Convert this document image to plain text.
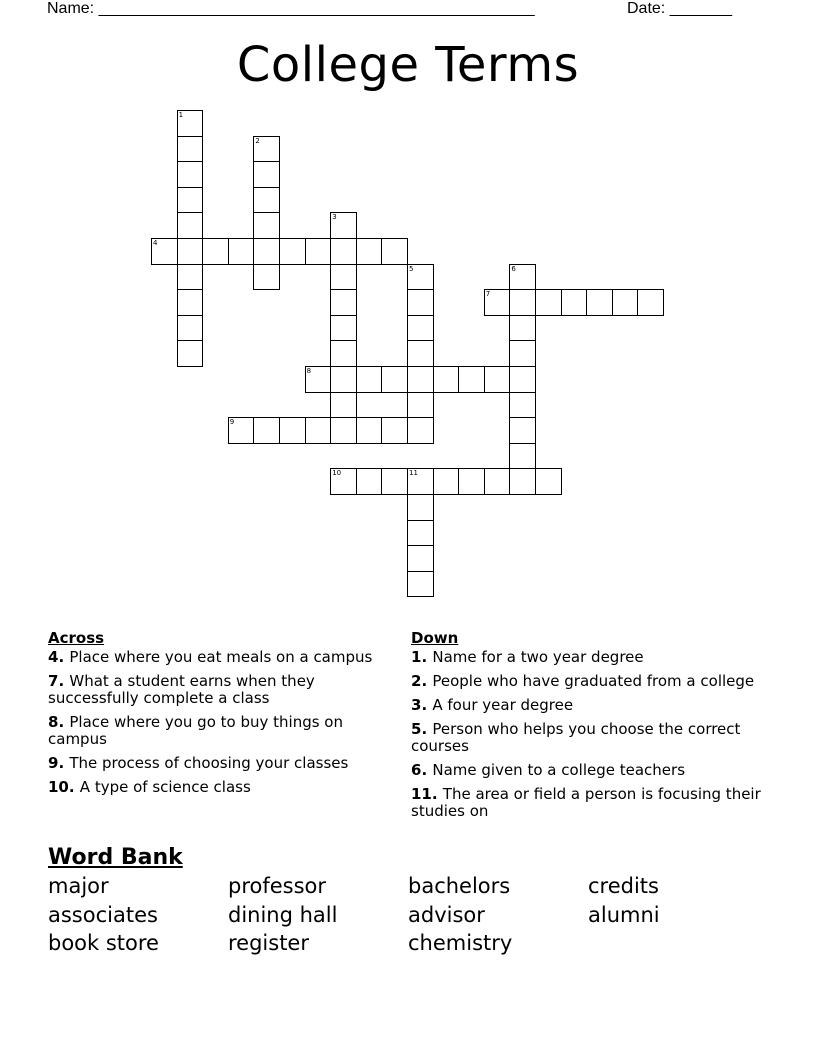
Name: _________________________________________________	Date: _______
College Terms
1
2
3
4
5	6
7
8
9
10	11
Across
4. Place where you eat meals on a campus
7. What a student earns when they successfully complete a class
8. Place where you go to buy things on campus
9. The process of choosing your classes
10. A type of science class
Down
1. Name for a two year degree
2. People who have graduated from a college
3. A four year degree
5. Person who helps you choose the correct courses
6. Name given to a college teachers
11. The area or field a person is focusing their studies on
Word Bank
major	professor	bachelors	credits
associates	dining hall	advisor	alumni
book store	register	chemistry
